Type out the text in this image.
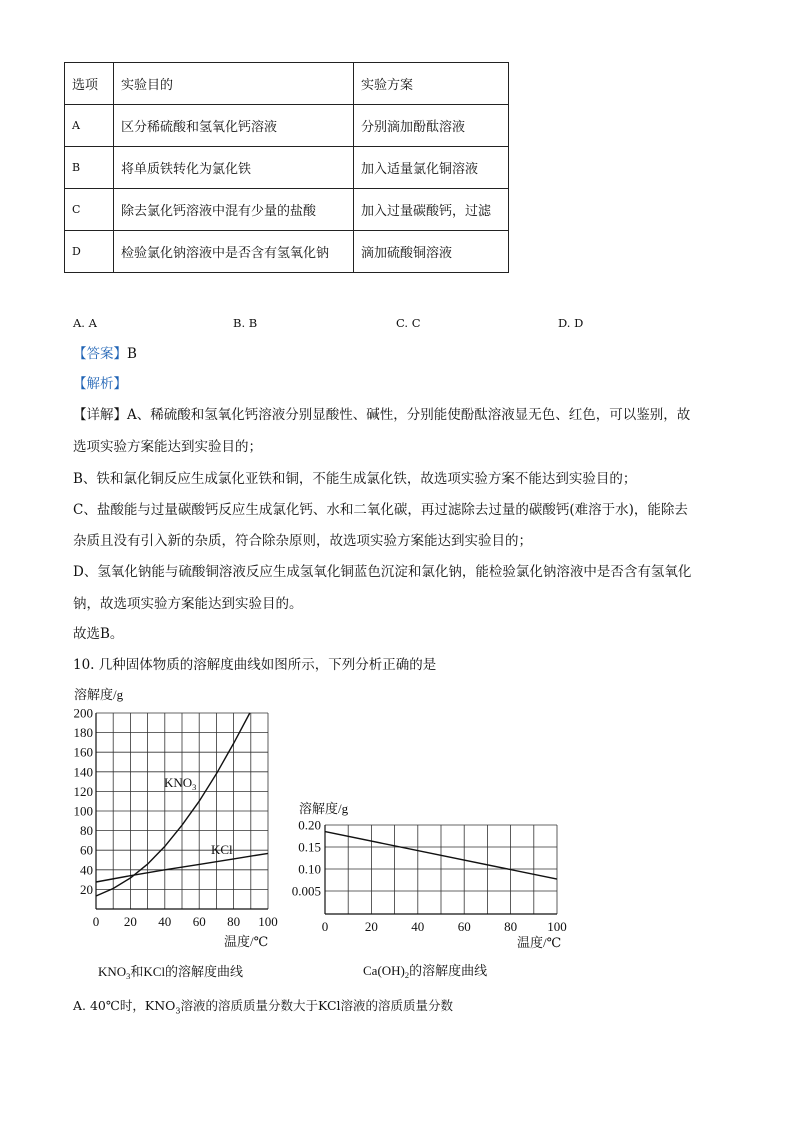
选项	实验目的	实验方案
A	区分稀硫酸和氢氧化钙溶液	分别滴加酚酞溶液
B	将单质铁转化为氯化铁	加入适量氯化铜溶液
C	除去氯化钙溶液中混有少量的盐酸	加入过量碳酸钙，过滤
D	检验氯化钠溶液中是否含有氢氧化钠	滴加硫酸铜溶液
A. A	B. B	C. C	D. D
【答案】B
【解析】
【详解】A、稀硫酸和氢氧化钙溶液分别显酸性、碱性，分别能使酚酞溶液显无色、红色，可以鉴别，故
选项实验方案能达到实验目的；
B、铁和氯化铜反应生成氯化亚铁和铜，不能生成氯化铁，故选项实验方案不能达到实验目的；
C、盐酸能与过量碳酸钙反应生成氯化钙、水和二氧化碳，再过滤除去过量的碳酸钙(难溶于水)，能除去
杂质且没有引入新的杂质，符合除杂原则，故选项实验方案能达到实验目的；
D、氢氧化钠能与硫酸铜溶液反应生成氢氧化铜蓝色沉淀和氯化钠，能检验氯化钠溶液中是否含有氢氧化
钠，故选项实验方案能达到实验目的。
故选B。
10. 几种固体物质的溶解度曲线如图所示，下列分析正确的是
溶解度/g
20
40
60
80
100
120
140
160
180
200
0 20 40 60 80 100
温度/℃
$KNO_3$
KCl
$KNO_3$和KCl的溶解度曲线
溶解度/g
0.20
0.15
0.10
0.005
0	20	40	60	80 100
温度/℃
$Ca(OH)_2$的溶解度曲线
A. 40℃时，$KNO_3$溶液的溶质质量分数大于KCl溶液的溶质质量分数
